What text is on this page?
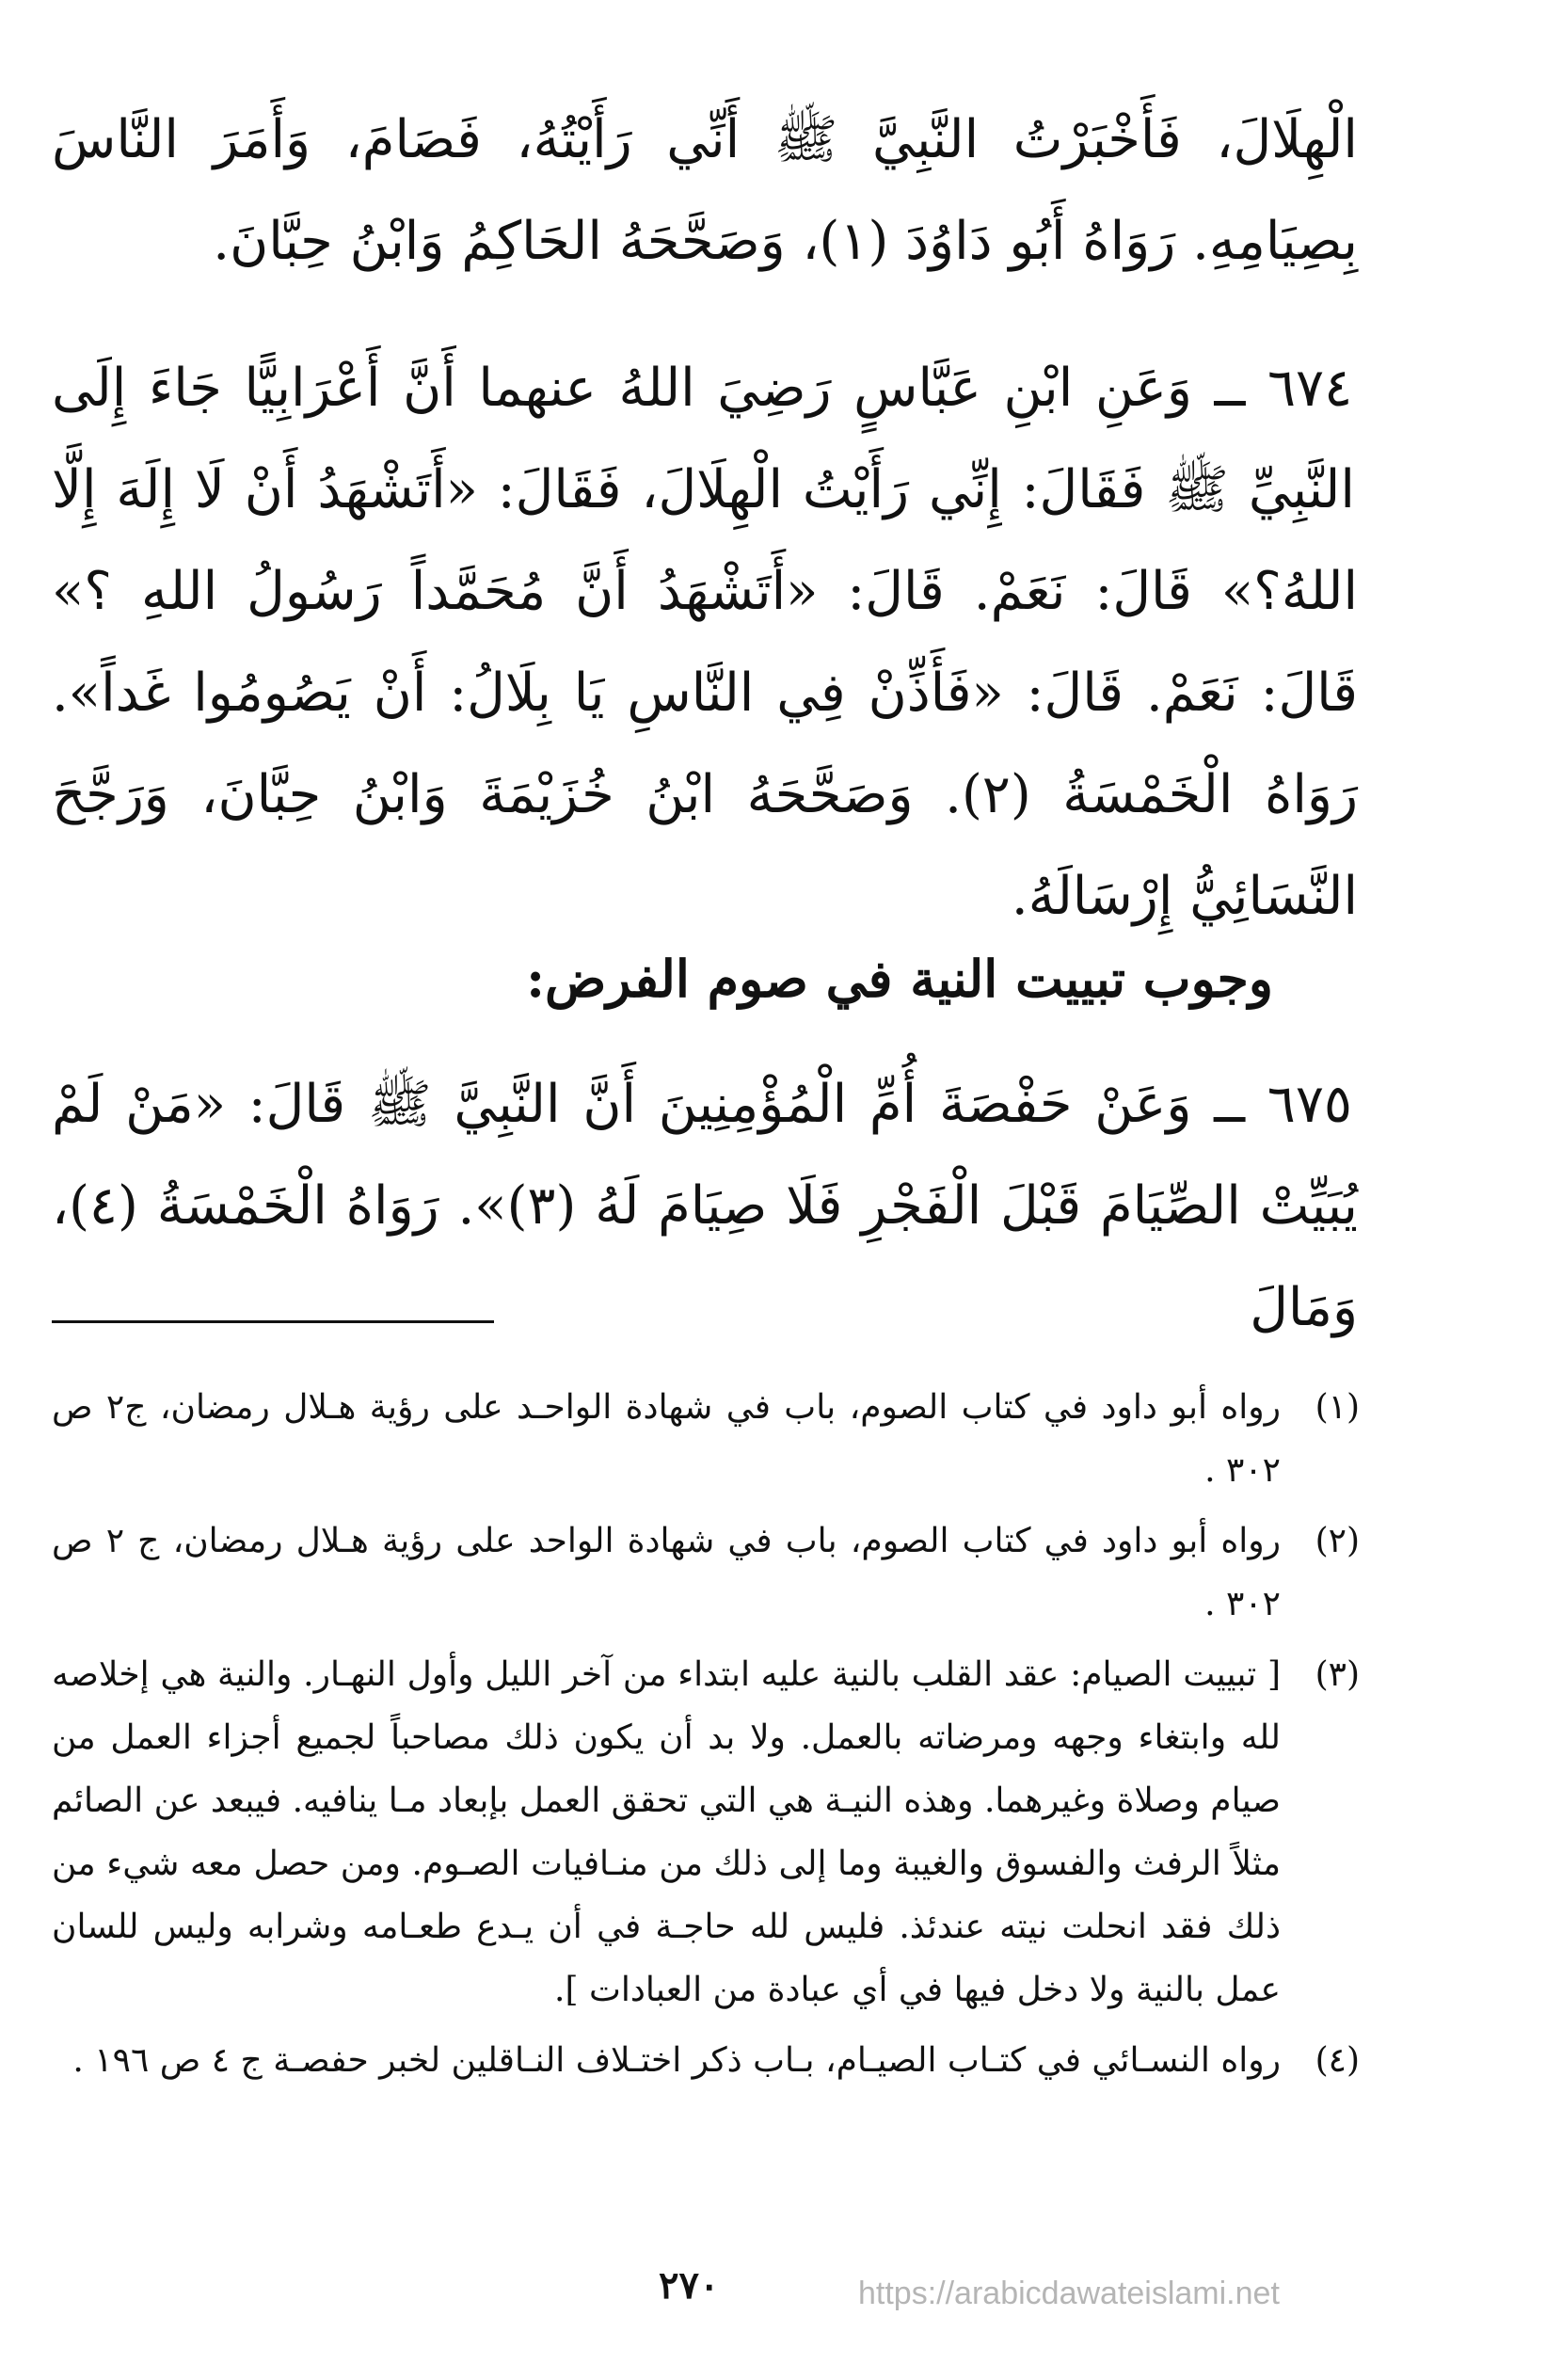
الْهِلَالَ، فَأَخْبَرْتُ النَّبِيَّ ﷺ أَنِّي رَأَيْتُهُ، فَصَامَ، وَأَمَرَ النَّاسَ بِصِيَامِهِ. رَوَاهُ أَبُو دَاوُدَ (١)، وَصَحَّحَهُ الحَاكِمُ وَابْنُ حِبَّانَ.

٦٧٤ ــ وَعَنِ ابْنِ عَبَّاسٍ رَضِيَ اللهُ عنهما أَنَّ أَعْرَابِيًّا جَاءَ إِلَى النَّبِيِّ ﷺ فَقَالَ: إِنِّي رَأَيْتُ الْهِلَالَ، فَقَالَ: «أَتَشْهَدُ أَنْ لَا إِلَهَ إِلَّا اللهُ؟» قَالَ: نَعَمْ. قَالَ: «أَتَشْهَدُ أَنَّ مُحَمَّداً رَسُولُ اللهِ ؟» قَالَ: نَعَمْ. قَالَ: «فَأَذِّنْ فِي النَّاسِ يَا بِلَالُ: أَنْ يَصُومُوا غَداً». رَوَاهُ الْخَمْسَةُ (٢). وَصَحَّحَهُ ابْنُ خُزَيْمَةَ وَابْنُ حِبَّانَ، وَرَجَّحَ النَّسَائِيُّ إِرْسَالَهُ.

وجوب تبييت النية في صوم الفرض:

٦٧٥ ــ وَعَنْ حَفْصَةَ أُمِّ الْمُؤْمِنِينَ أَنَّ النَّبِيَّ ﷺ قَالَ: «مَنْ لَمْ يُبَيِّتْ الصِّيَامَ قَبْلَ الْفَجْرِ فَلَا صِيَامَ لَهُ (٣)». رَوَاهُ الْخَمْسَةُ (٤)، وَمَالَ

(١)
رواه أبو داود في كتاب الصوم، باب في شهادة الواحـد على رؤية هـلال رمضان، ج٢ ص ٣٠٢ .
(٢)
رواه أبو داود في كتاب الصوم، باب في شهادة الواحد على رؤية هـلال رمضان، ج ٢ ص ٣٠٢ .
(٣)
[ تبييت الصيام: عقد القلب بالنية عليه ابتداء من آخر الليل وأول النهـار. والنية هي إخلاصه لله وابتغاء وجهه ومرضاته بالعمل. ولا بد أن يكون ذلك مصاحباً لجميع أجزاء العمل من صيام وصلاة وغيرهما. وهذه النيـة هي التي تحقق العمل بإبعاد مـا ينافيه. فيبعد عن الصائم مثلاً الرفث والفسوق والغيبة وما إلى ذلك من منـافيات الصـوم. ومن حصل معه شيء من ذلك فقد انحلت نيته عندئذ. فليس لله حاجـة في أن يـدع طعـامه وشرابه وليس للسان عمل بالنية ولا دخل فيها في أي عبادة من العبادات ].
(٤)
رواه النسـائي في كتـاب الصيـام، بـاب ذكر اختـلاف النـاقلين لخبر حفصـة ج ٤ ص ١٩٦ .
٢٧٠	https://arabicdawateislami.net
